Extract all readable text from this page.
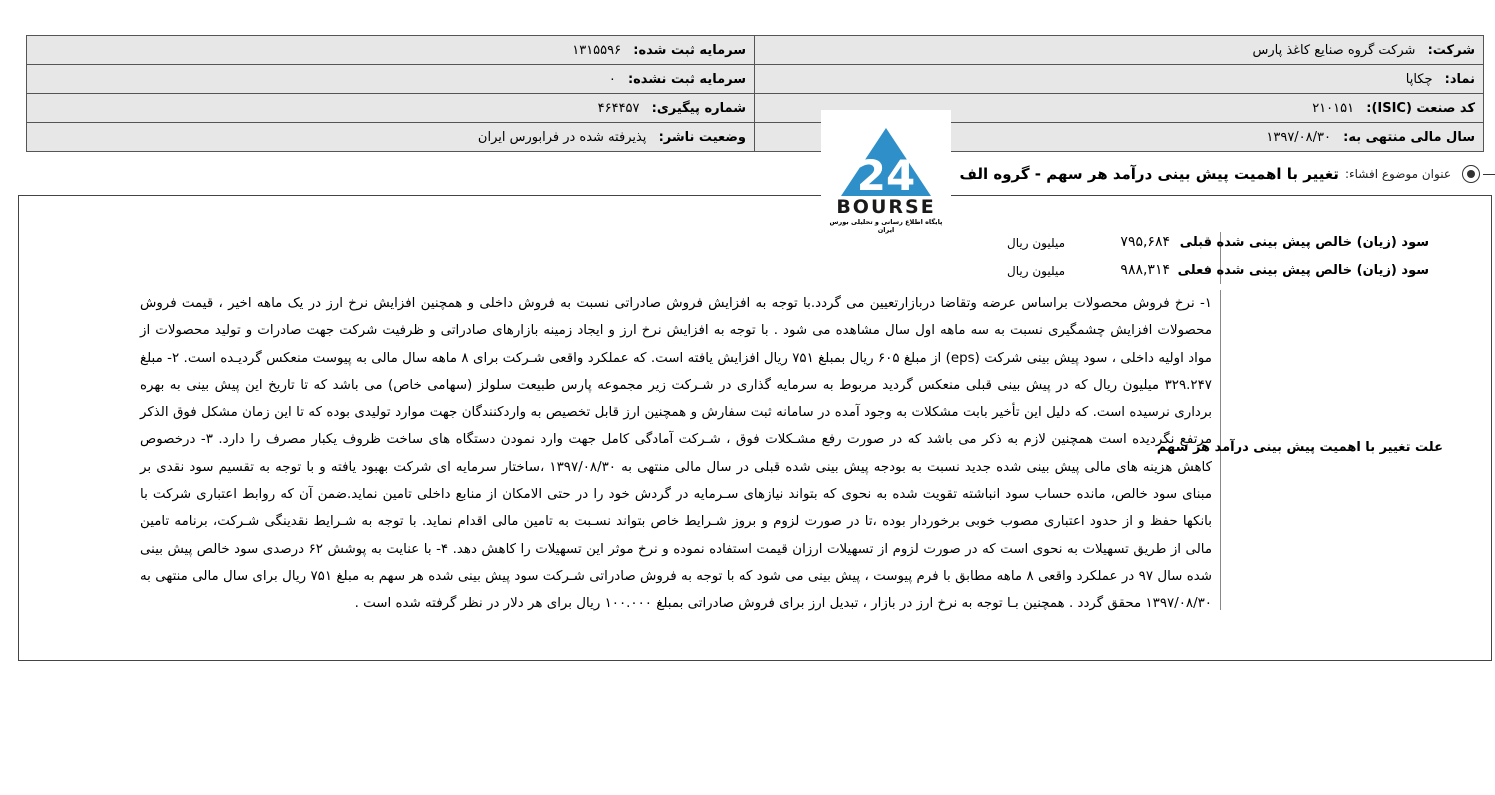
شرکت: شرکت گروه صنایع کاغذ پارس	سرمایه ثبت شده: ۱۳۱۵۵۹۶
نماد: چکاپا	سرمایه ثبت نشده: ۰
کد صنعت (ISIC): ۲۱۰۱۵۱	شماره پیگیری: ۴۶۴۴۵۷
سال مالی منتهی به: ۱۳۹۷/۰۸/۳۰	وضعیت ناشر: پذیرفته شده در فرابورس ایران
عنوان موضوع افشاء:
تغییر با اهمیت پیش بینی درآمد هر سهم - گروه الف
24
BOURSE
پایگاه اطلاع رسانی و تحلیلی بورس ایران
سود (زیان) خالص پیش بینی شده قبلی
۷۹۵,۶۸۴
میلیون ریال
سود (زیان) خالص پیش بینی شده فعلی
۹۸۸,۳۱۴
میلیون ریال
علت تغییر با اهمیت پیش بینی درآمد هر سهم
۱- نرخ فروش محصولات براساس عرضه وتقاضا دربازارتعیین می گردد.با توجه به افزایش فروش صادراتی نسبت به فروش داخلی و همچنین افزایش نرخ ارز در یک ماهه اخیر ، قیمت فروش محصولات افزایش چشمگیری نسبت به سه ماهه اول سال مشاهده می شود . با توجه به افزایش نرخ ارز و ایجاد زمینه بازارهای صادراتی و ظرفیت شرکت جهت صادرات و تولید محصولات از مواد اولیه داخلی ، سود پیش بینی شرکت (eps) از مبلغ ۶۰۵ ریال بمبلغ ۷۵۱ ریال افزایش یافته است. که عملکرد واقعی شـرکت برای ۸ ماهه سال مالی به پیوست منعکس گردیـده است. ۲- مبلغ ۳۲۹.۲۴۷ میلیون ریال که در پیش بینی قبلی منعکس گردید مربوط به سرمایه گذاری در شـرکت زیر مجموعه پارس طبیعت سلولز (سهامی خاص) می باشد که تا تاریخ این پیش بینی به بهره برداری نرسیده است. که دلیل این تأخیر بابت مشکلات به وجود آمده در سامانه ثبت سفارش و همچنین ارز قابل تخصیص به واردکنندگان جهت موارد تولیدی بوده که تا این زمان مشکل فوق الذکر مرتفع نگردیده است همچنین لازم به ذکر می باشد که در صورت رفع مشـکلات فوق ، شـرکت آمادگی کامل جهت وارد نمودن دستگاه های ساخت ظروف یکبار مصرف را دارد. ۳- درخصوص کاهش هزینه های مالی پیش بینی شده جدید نسبت به بودجه پیش بینی شده قبلی در سال مالی منتهی به ۱۳۹۷/۰۸/۳۰ ،ساختار سرمایه ای شرکت بهبود یافته و با توجه به تقسیم سود نقدی بر مبنای سود خالص، مانده حساب سود انباشته تقویت شده به نحوی که بتواند نیازهای سـرمایه در گردش خود را در حتی الامکان از منابع داخلی تامین نماید.ضمن آن که روابط اعتباری شرکت با بانکها حفظ و از حدود اعتباری مصوب خوبی برخوردار بوده ،تا در صورت لزوم و بروز شـرایط خاص بتواند نسـبت به تامین مالی اقدام نماید. با توجه به شـرایط نقدینگی شـرکت، برنامه تامین مالی از طریق تسهیلات به نحوی است که در صورت لزوم از تسهیلات ارزان قیمت استفاده نموده و نرخ موثر این تسهیلات را کاهش دهد. ۴- با عنایت به پوشش ۶۲ درصدی سود خالص پیش بینی شده سال ۹۷ در عملکرد واقعی ۸ ماهه مطابق با فرم پیوست ، پیش بینی می شود که با توجه به فروش صادراتی شـرکت سود پیش بینی شده هر سهم به مبلغ ۷۵۱ ریال برای سال مالی منتهی به ۱۳۹۷/۰۸/۳۰ محقق گردد . همچنین بـا توجه به نرخ ارز در بازار ، تبدیل ارز برای فروش صادراتی بمبلغ ۱۰۰.۰۰۰ ریال برای هر دلار در نظر گرفته شده است .
